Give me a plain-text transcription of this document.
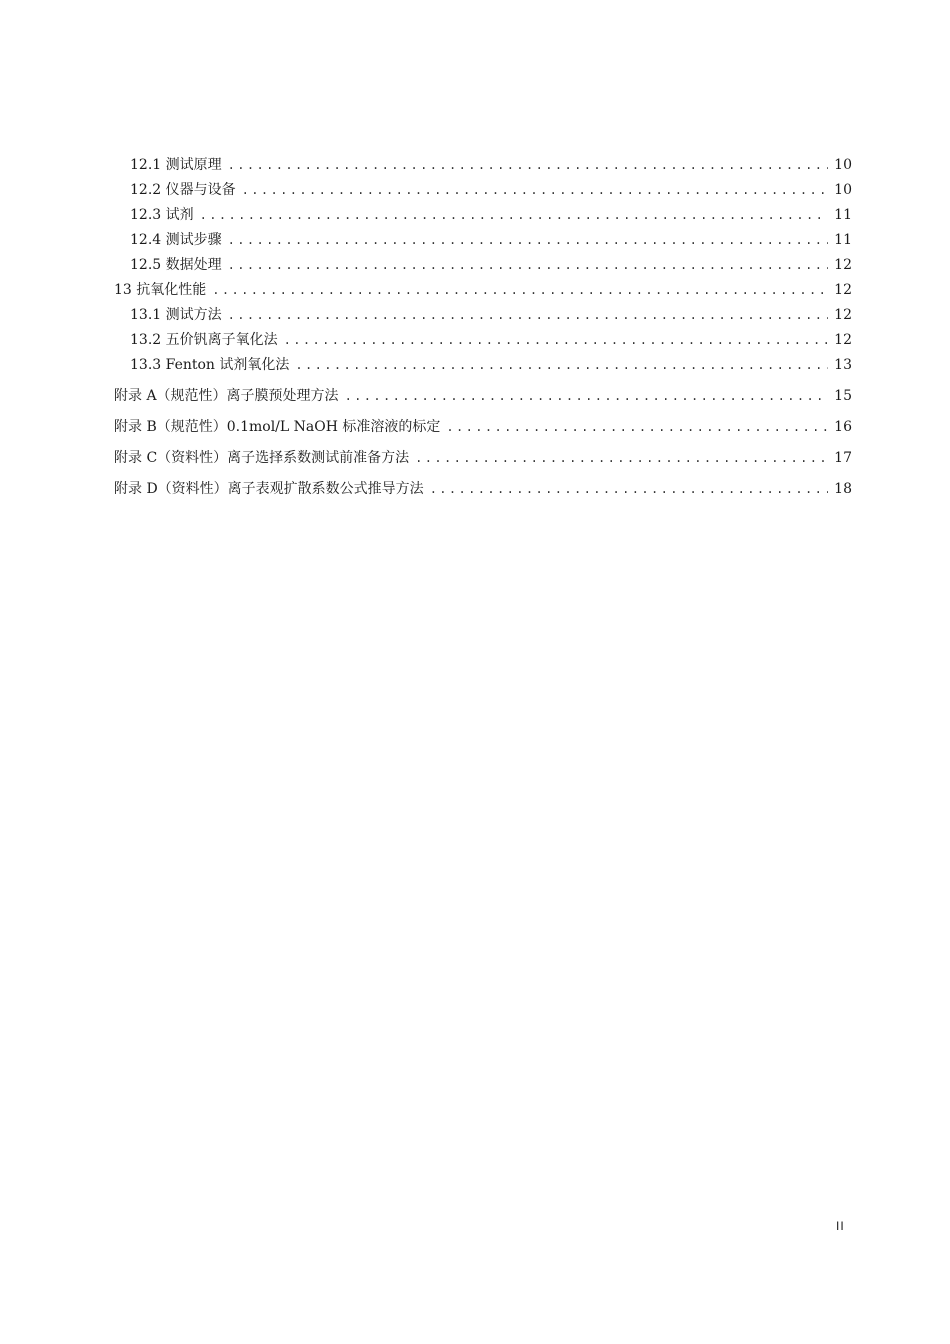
12.1 测试原理 .....	10
12.2 仪器与设备 .....	10
12.3 试剂 .....	11
12.4 测试步骤 .....	11
12.5 数据处理 .....	12
13 抗氧化性能 .....	12
13.1 测试方法 .....	12
13.2 五价钒离子氧化法 .....	12
13.3 Fenton 试剂氧化法 .....	13
附录 A（规范性）离子膜预处理方法 .....	15
附录 B（规范性）0.1mol/L NaOH 标准溶液的标定 .....	16
附录 C（资料性）离子选择系数测试前准备方法 .....	17
附录 D（资料性）离子表观扩散系数公式推导方法 .....	18
II
